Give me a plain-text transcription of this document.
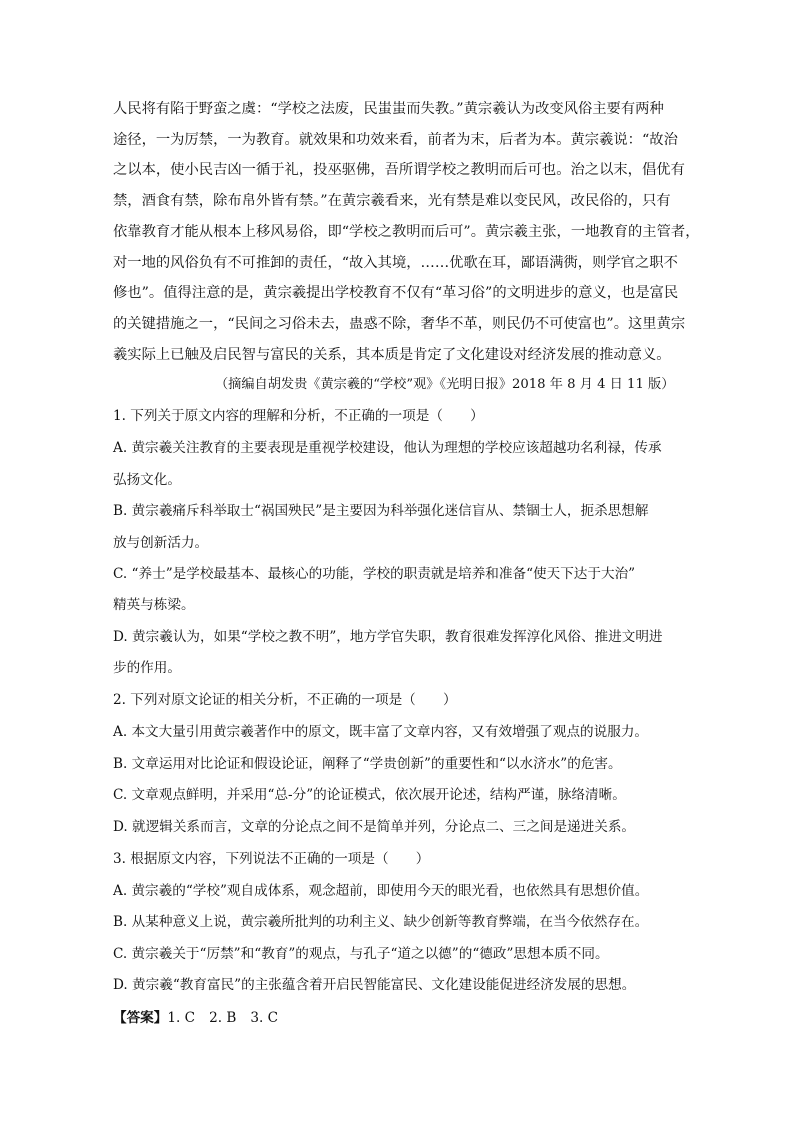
人民将有陷于野蛮之虞：“学校之法废，民蚩蚩而失教。”黄宗羲认为改变风俗主要有两种
途径，一为厉禁，一为教育。就效果和功效来看，前者为末，后者为本。黄宗羲说：“故治
之以本，使小民吉凶一循于礼，投巫驱佛，吾所谓学校之教明而后可也。治之以末，倡优有
禁，酒食有禁，除布帛外皆有禁。”在黄宗羲看来，光有禁是难以变民风，改民俗的，只有
依靠教育才能从根本上移风易俗，即“学校之教明而后可”。黄宗羲主张，一地教育的主管者，
对一地的风俗负有不可推卸的责任，“故入其境，……优歌在耳，鄙语满衖，则学官之职不
修也”。值得注意的是，黄宗羲提出学校教育不仅有“革习俗”的文明进步的意义，也是富民
的关键措施之一，“民间之习俗未去，蛊惑不除，奢华不革，则民仍不可使富也”。这里黄宗
羲实际上已触及启民智与富民的关系，其本质是肯定了文化建设对经济发展的推动意义。

（摘编自胡发贵《黄宗羲的“学校”观》《光明日报》2018 年 8 月 4 日 11 版）

1. 下列关于原文内容的理解和分析，不正确的一项是（　　）

A. 黄宗羲关注教育的主要表现是重视学校建设，他认为理想的学校应该超越功名利禄，传承

弘扬文化。

B. 黄宗羲痛斥科举取士“祸国殃民”是主要因为科举强化迷信盲从、禁锢士人，扼杀思想解

放与创新活力。

C. “养士”是学校最基本、最核心的功能，学校的职责就是培养和准备“使天下达于大治”

精英与栋梁。

D. 黄宗羲认为，如果“学校之教不明”，地方学官失职，教育很难发挥淳化风俗、推进文明进

步的作用。

2. 下列对原文论证的相关分析，不正确的一项是（　　）

A. 本文大量引用黄宗羲著作中的原文，既丰富了文章内容，又有效增强了观点的说服力。

B. 文章运用对比论证和假设论证，阐释了“学贵创新”的重要性和“以水济水”的危害。

C. 文章观点鲜明，并采用“总-分”的论证模式，依次展开论述，结构严谨，脉络清晰。

D. 就逻辑关系而言，文章的分论点之间不是简单并列，分论点二、三之间是递进关系。

3. 根据原文内容，下列说法不正确的一项是（　　）

A. 黄宗羲的“学校”观自成体系，观念超前，即使用今天的眼光看，也依然具有思想价值。

B. 从某种意义上说，黄宗羲所批判的功利主义、缺少创新等教育弊端，在当今依然存在。

C. 黄宗羲关于“厉禁”和“教育”的观点，与孔子“道之以德”的“德政”思想本质不同。

D. 黄宗羲“教育富民”的主张蕴含着开启民智能富民、文化建设能促进经济发展的思想。

【答案】1. C 2. B 3. C
